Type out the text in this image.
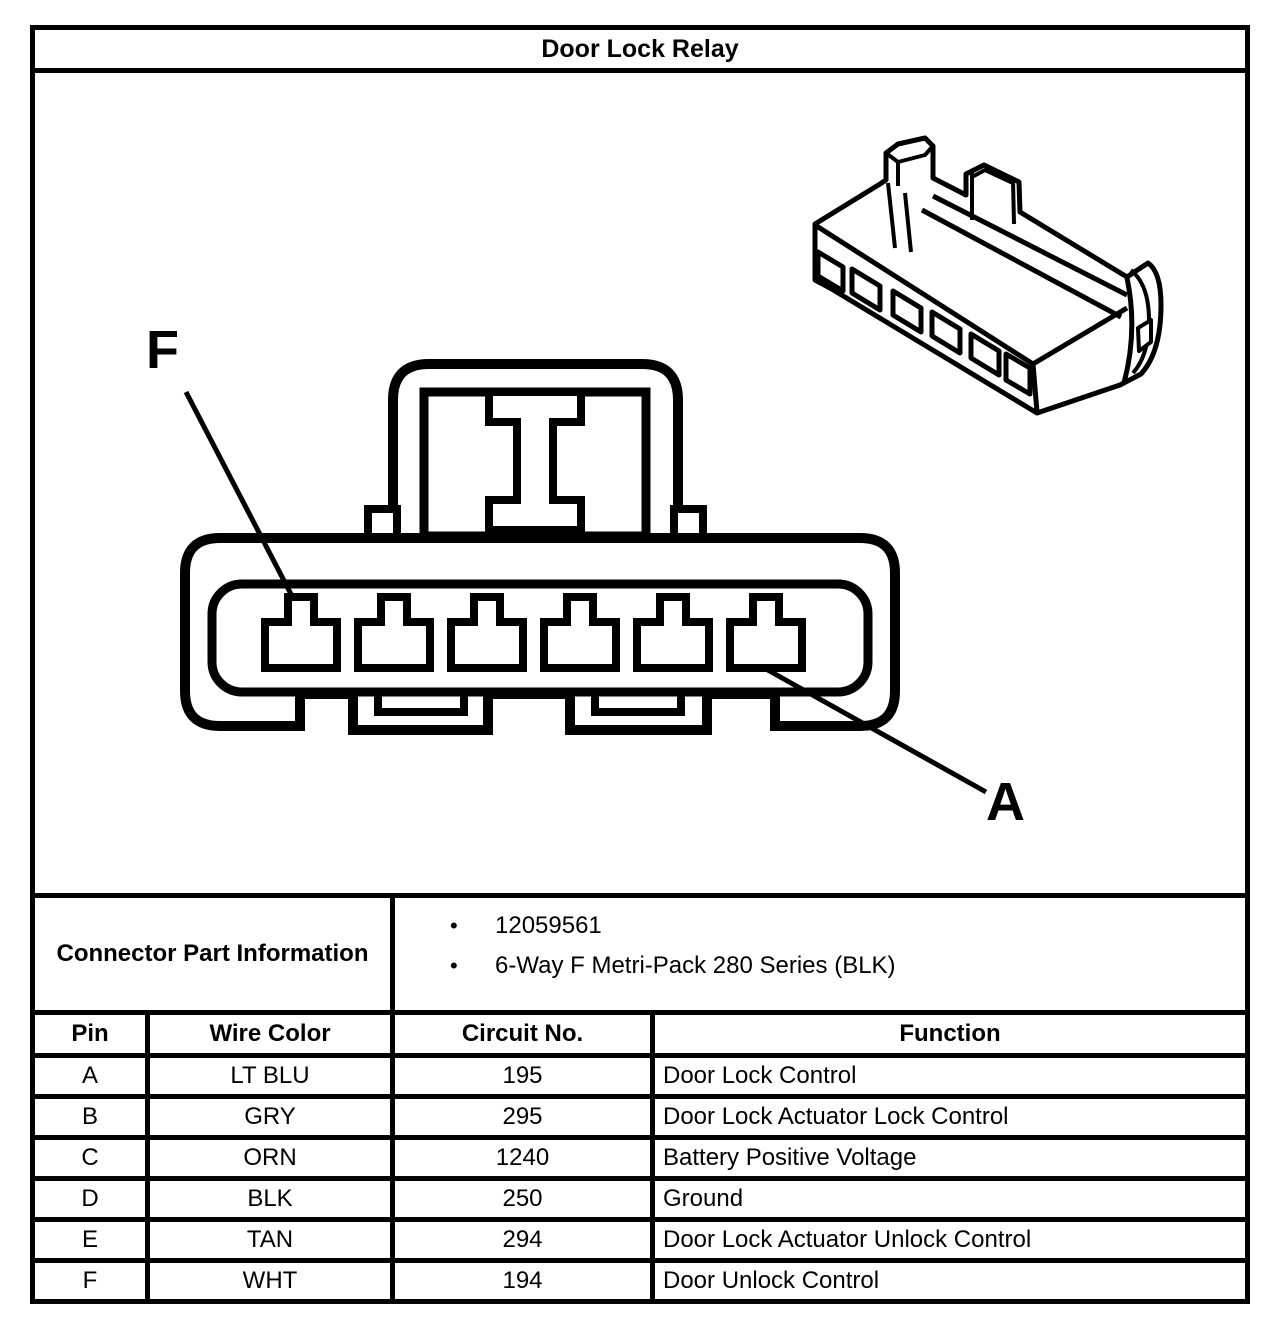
Door Lock Relay
F
A
Connector Part Information
•	12059561
•	6-Way F Metri-Pack 280 Series (BLK)
Pin	Wire Color	Circuit No.	Function
A	LT BLU	195	Door Lock Control
B	GRY	295	Door Lock Actuator Lock Control
C	ORN	1240	Battery Positive Voltage
D	BLK	250	Ground
E	TAN	294	Door Lock Actuator Unlock Control
F	WHT	194	Door Unlock Control
